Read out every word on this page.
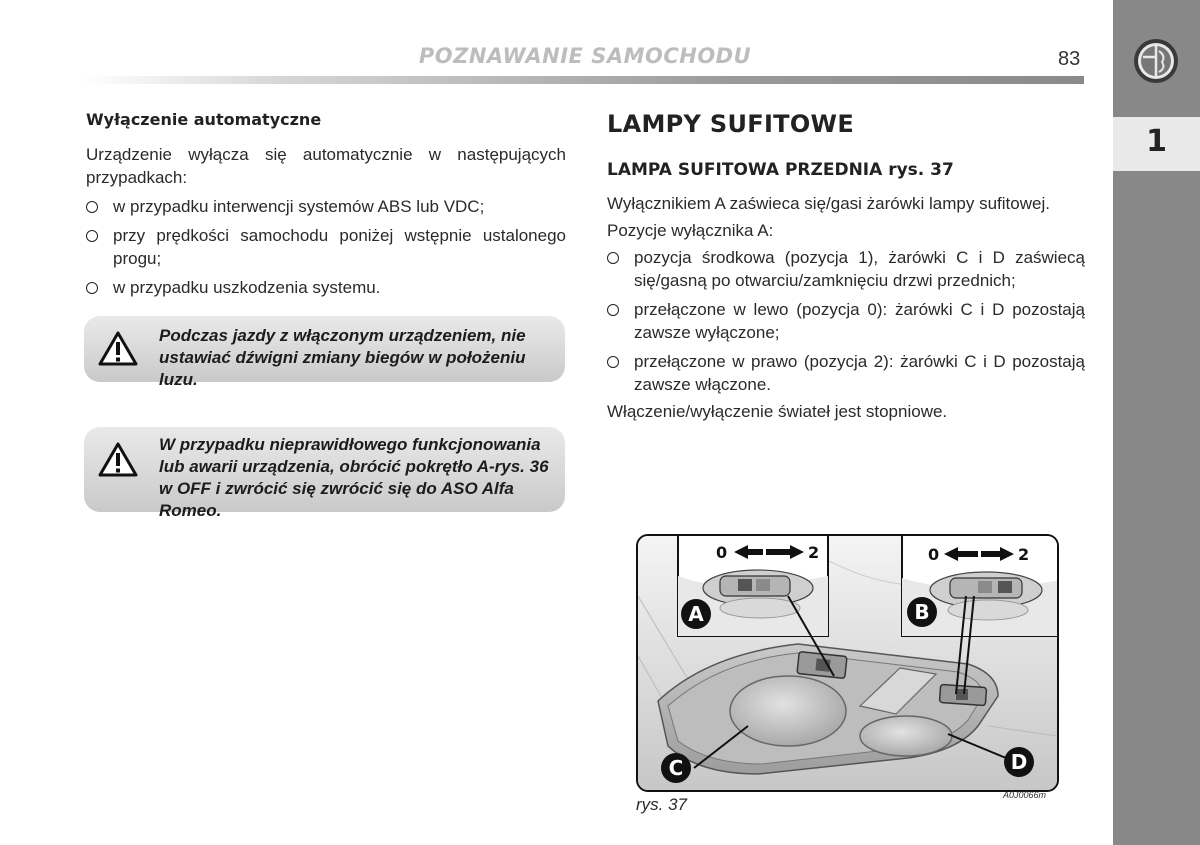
POZNAWANIE SAMOCHODU	83
1
Wyłączenie automatyczne

Urządzenie wyłącza się automatycznie w następujących przypadkach:

w przypadku interwencji systemów ABS lub VDC;
przy prędkości samochodu poniżej wstępnie ustalonego progu;
w przypadku uszkodzenia systemu.
Podczas jazdy z włączonym urządzeniem, nie ustawiać dźwigni zmiany biegów w położeniu luzu.
W przypadku nieprawidłowego funkcjonowania lub awarii urządzenia, obrócić pokrętło A-rys. 36 w OFF i zwrócić się zwrócić się do ASO Alfa Romeo.
LAMPY SUFITOWE
LAMPA SUFITOWA PRZEDNIA rys. 37

Wyłącznikiem A zaświeca się/gasi żarówki lampy sufitowej.

Pozycje wyłącznika A:

pozycja środkowa (pozycja 1), żarówki C i D zaświecą się/gasną po otwarciu/zamknięciu drzwi przednich;
przełączone w lewo (pozycja 0): żarówki C i D pozostają zawsze wyłączone;
przełączone w prawo (pozycja 2): żarówki C i D pozostają zawsze włączone.

Włączenie/wyłączenie świateł jest stopniowe.

0	2	0	2
A	B
C	D
rys. 37	A0J0066m
